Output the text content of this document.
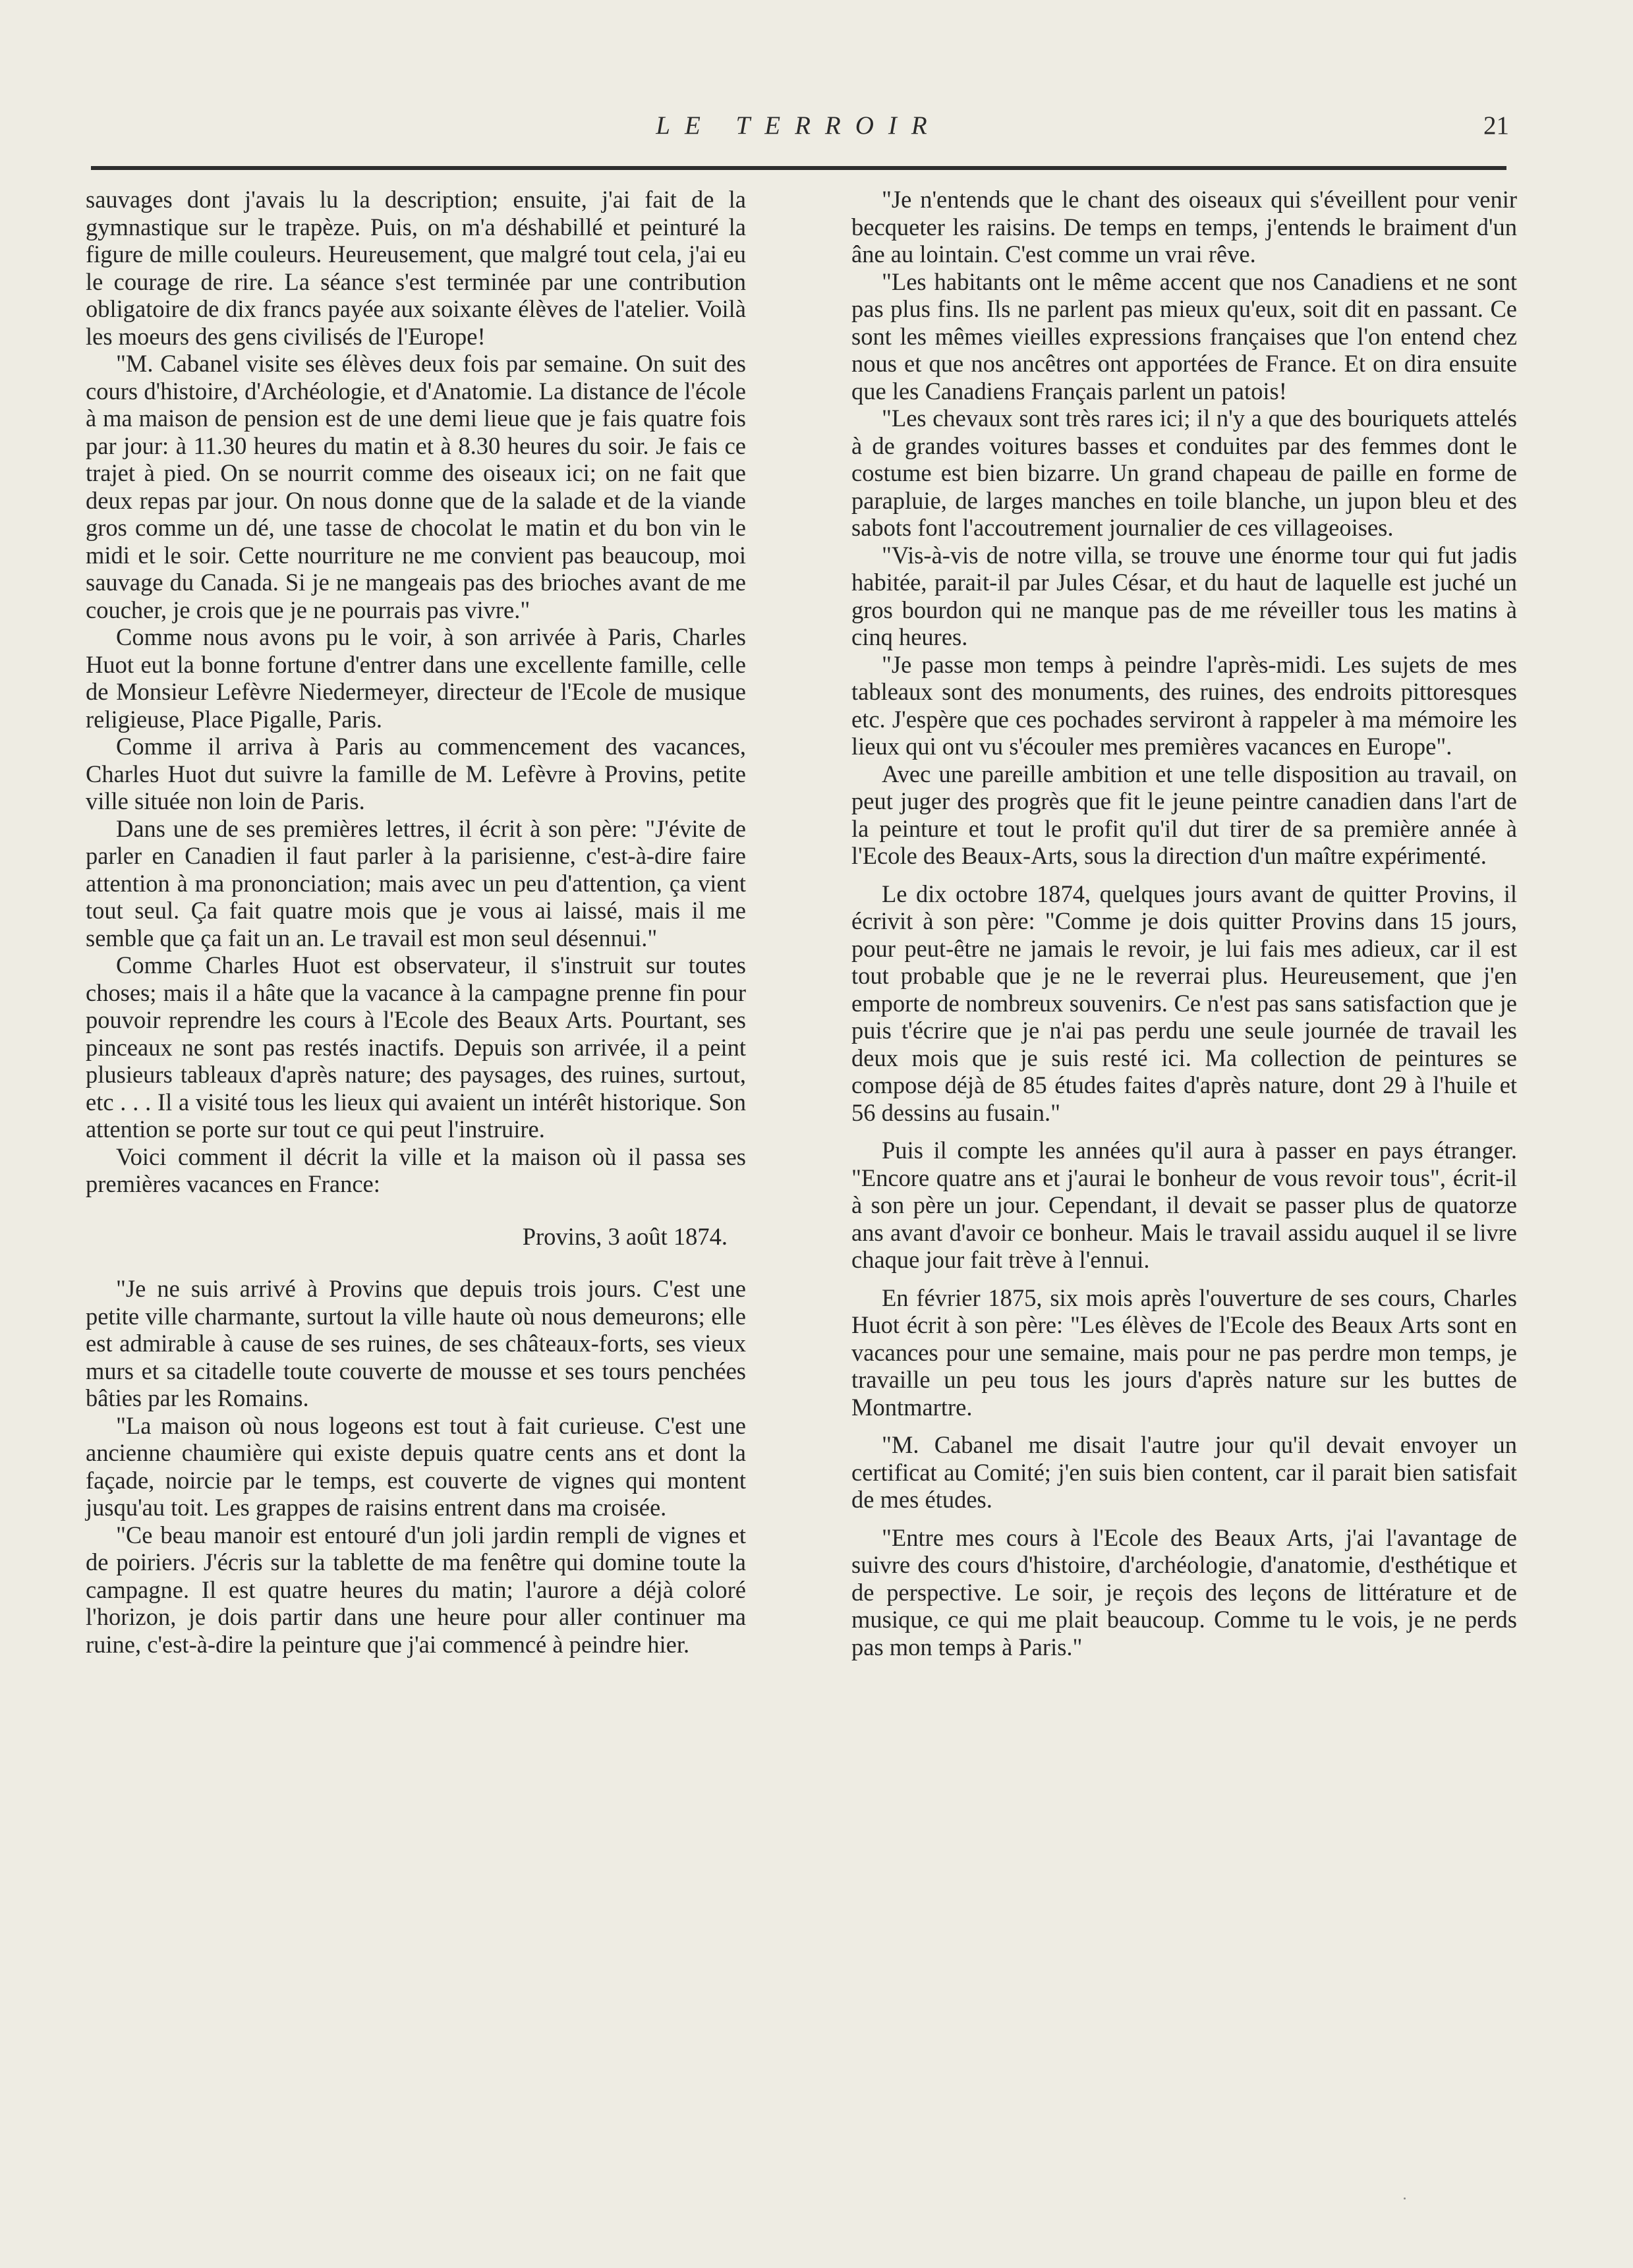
LE TERROIR	21

sauvages dont j'avais lu la description; ensuite, j'ai fait de la gymnastique sur le trapèze. Puis, on m'a déshabillé et peinturé la figure de mille couleurs. Heureusement, que malgré tout cela, j'ai eu le courage de rire. La séance s'est terminée par une contribution obligatoire de dix francs payée aux soixante élèves de l'atelier. Voilà les moeurs des gens civilisés de l'Europe!

"M. Cabanel visite ses élèves deux fois par semaine. On suit des cours d'histoire, d'Archéologie, et d'Anatomie. La distance de l'école à ma maison de pension est de une demi lieue que je fais quatre fois par jour: à 11.30 heures du matin et à 8.30 heures du soir. Je fais ce trajet à pied. On se nourrit comme des oiseaux ici; on ne fait que deux repas par jour. On nous donne que de la salade et de la viande gros comme un dé, une tasse de chocolat le matin et du bon vin le midi et le soir. Cette nourriture ne me convient pas beaucoup, moi sauvage du Canada. Si je ne mangeais pas des brioches avant de me coucher, je crois que je ne pourrais pas vivre."

Comme nous avons pu le voir, à son arrivée à Paris, Charles Huot eut la bonne fortune d'entrer dans une excellente famille, celle de Monsieur Lefèvre Niedermeyer, directeur de l'Ecole de musique religieuse, Place Pigalle, Paris.

Comme il arriva à Paris au commencement des vacances, Charles Huot dut suivre la famille de M. Lefèvre à Provins, petite ville située non loin de Paris.

Dans une de ses premières lettres, il écrit à son père: "J'évite de parler en Canadien il faut parler à la parisienne, c'est-à-dire faire attention à ma prononciation; mais avec un peu d'attention, ça vient tout seul. Ça fait quatre mois que je vous ai laissé, mais il me semble que ça fait un an. Le travail est mon seul désennui."

Comme Charles Huot est observateur, il s'instruit sur toutes choses; mais il a hâte que la vacance à la campagne prenne fin pour pouvoir reprendre les cours à l'Ecole des Beaux Arts. Pourtant, ses pinceaux ne sont pas restés inactifs. Depuis son arrivée, il a peint plusieurs tableaux d'après nature; des paysages, des ruines, surtout, etc . . . Il a visité tous les lieux qui avaient un intérêt historique. Son attention se porte sur tout ce qui peut l'instruire.

Voici comment il décrit la ville et la maison où il passa ses premières vacances en France:

Provins, 3 août 1874.

"Je ne suis arrivé à Provins que depuis trois jours. C'est une petite ville charmante, surtout la ville haute où nous demeurons; elle est admirable à cause de ses ruines, de ses châteaux-forts, ses vieux murs et sa citadelle toute couverte de mousse et ses tours penchées bâties par les Romains.

"La maison où nous logeons est tout à fait curieuse. C'est une ancienne chaumière qui existe depuis quatre cents ans et dont la façade, noircie par le temps, est couverte de vignes qui montent jusqu'au toit. Les grappes de raisins entrent dans ma croisée.

"Ce beau manoir est entouré d'un joli jardin rempli de vignes et de poiriers. J'écris sur la tablette de ma fenêtre qui domine toute la campagne. Il est quatre heures du matin; l'aurore a déjà coloré l'horizon, je dois partir dans une heure pour aller continuer ma ruine, c'est-à-dire la peinture que j'ai commencé à peindre hier.

"Je n'entends que le chant des oiseaux qui s'éveillent pour venir becqueter les raisins. De temps en temps, j'entends le braiment d'un âne au lointain. C'est comme un vrai rêve.

"Les habitants ont le même accent que nos Canadiens et ne sont pas plus fins. Ils ne parlent pas mieux qu'eux, soit dit en passant. Ce sont les mêmes vieilles expressions françaises que l'on entend chez nous et que nos ancêtres ont apportées de France. Et on dira ensuite que les Canadiens Français parlent un patois!

"Les chevaux sont très rares ici; il n'y a que des bouriquets attelés à de grandes voitures basses et conduites par des femmes dont le costume est bien bizarre. Un grand chapeau de paille en forme de parapluie, de larges manches en toile blanche, un jupon bleu et des sabots font l'accoutrement journalier de ces villageoises.

"Vis-à-vis de notre villa, se trouve une énorme tour qui fut jadis habitée, parait-il par Jules César, et du haut de laquelle est juché un gros bourdon qui ne manque pas de me réveiller tous les matins à cinq heures.

"Je passe mon temps à peindre l'après-midi. Les sujets de mes tableaux sont des monuments, des ruines, des endroits pittoresques etc. J'espère que ces pochades serviront à rappeler à ma mémoire les lieux qui ont vu s'écouler mes premières vacances en Europe".

Avec une pareille ambition et une telle disposition au travail, on peut juger des progrès que fit le jeune peintre canadien dans l'art de la peinture et tout le profit qu'il dut tirer de sa première année à l'Ecole des Beaux-Arts, sous la direction d'un maître expérimenté.

Le dix octobre 1874, quelques jours avant de quitter Provins, il écrivit à son père: "Comme je dois quitter Provins dans 15 jours, pour peut-être ne jamais le revoir, je lui fais mes adieux, car il est tout probable que je ne le reverrai plus. Heureusement, que j'en emporte de nombreux souvenirs. Ce n'est pas sans satisfaction que je puis t'écrire que je n'ai pas perdu une seule journée de travail les deux mois que je suis resté ici. Ma collection de peintures se compose déjà de 85 études faites d'après nature, dont 29 à l'huile et 56 dessins au fusain."

Puis il compte les années qu'il aura à passer en pays étranger. "Encore quatre ans et j'aurai le bonheur de vous revoir tous", écrit-il à son père un jour. Cependant, il devait se passer plus de quatorze ans avant d'avoir ce bonheur. Mais le travail assidu auquel il se livre chaque jour fait trève à l'ennui.

En février 1875, six mois après l'ouverture de ses cours, Charles Huot écrit à son père: "Les élèves de l'Ecole des Beaux Arts sont en vacances pour une semaine, mais pour ne pas perdre mon temps, je travaille un peu tous les jours d'après nature sur les buttes de Montmartre.

"M. Cabanel me disait l'autre jour qu'il devait envoyer un certificat au Comité; j'en suis bien content, car il parait bien satisfait de mes études.

"Entre mes cours à l'Ecole des Beaux Arts, j'ai l'avantage de suivre des cours d'histoire, d'archéologie, d'anatomie, d'esthétique et de perspective. Le soir, je reçois des leçons de littérature et de musique, ce qui me plait beaucoup. Comme tu le vois, je ne perds pas mon temps à Paris."
